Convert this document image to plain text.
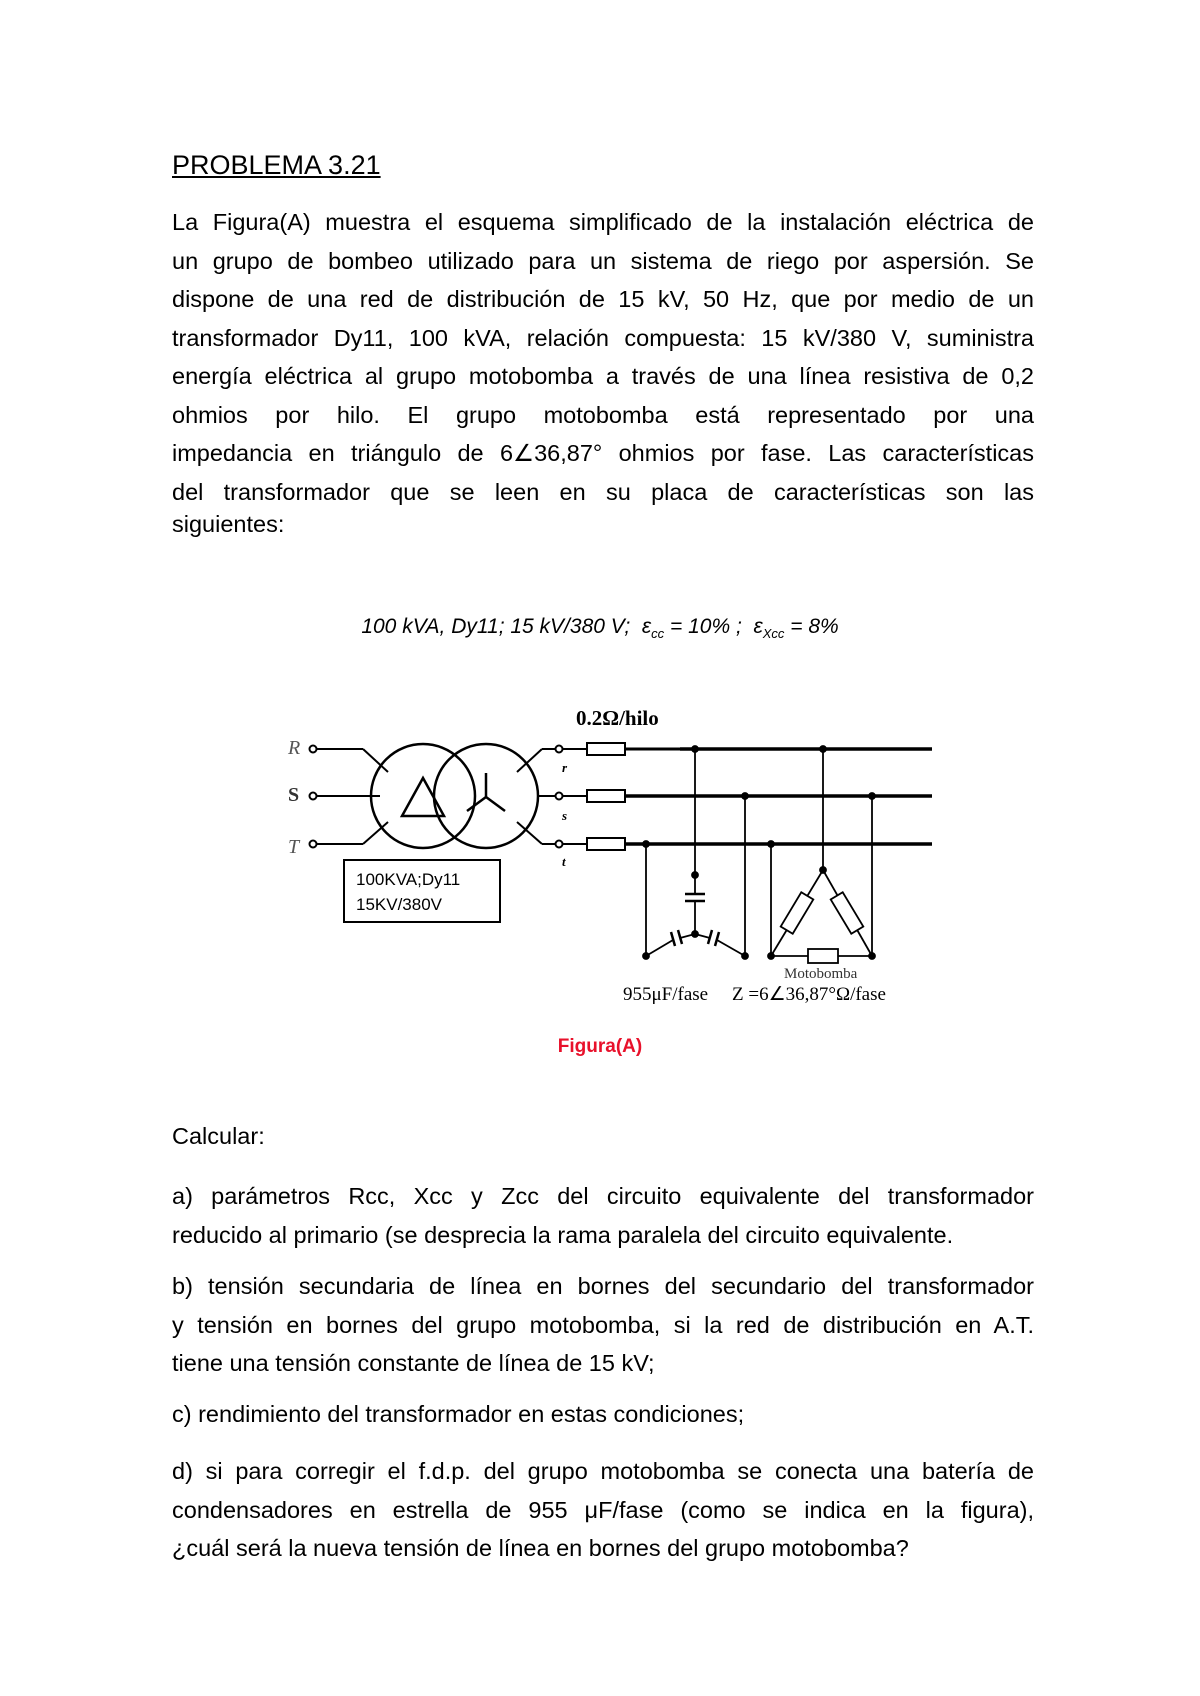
PROBLEMA 3.21
La Figura(A) muestra el esquema simplificado de la instalación eléctrica de
un grupo de bombeo utilizado para un sistema de riego por aspersión. Se
dispone de una red de distribución de 15 kV, 50 Hz, que por medio de un
transformador Dy11, 100 kVA, relación compuesta: 15 kV/380 V, suministra
energía eléctrica al grupo motobomba a través de una línea resistiva de 0,2
ohmios por hilo. El grupo motobomba está representado por una
impedancia en triángulo de 6∠36,87° ohmios por fase. Las características
del transformador que se leen en su placa de características son las
siguientes:
100 kVA, Dy11; 15 kV/380 V; $\varepsilon_{cc} = 10\%$ ; $\varepsilon_{Xcc} = 8\%$
R
S
T
100KVA;Dy11
15KV/380V
r
s
t
0.2Ω/hilo
Motobomba
955μF/fase Z =6∠36,87°Ω/fase
Figura(A)
Calcular:
a) parámetros Rcc, Xcc y Zcc del circuito equivalente del transformador
reducido al primario (se desprecia la rama paralela del circuito equivalente.
b) tensión secundaria de línea en bornes del secundario del transformador
y tensión en bornes del grupo motobomba, si la red de distribución en A.T.
tiene una tensión constante de línea de 15 kV;
c) rendimiento del transformador en estas condiciones;
d) si para corregir el f.d.p. del grupo motobomba se conecta una batería de
condensadores en estrella de 955 μF/fase (como se indica en la figura),
¿cuál será la nueva tensión de línea en bornes del grupo motobomba?
